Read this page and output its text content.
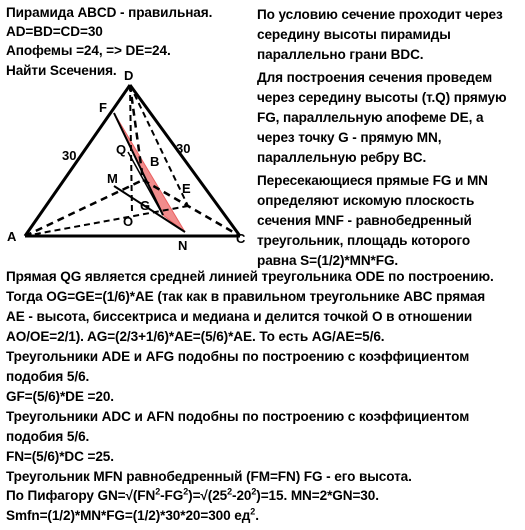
Пирамида ABCD - правильная.
AD=BD=CD=30
Апофемы =24, => DE=24.
Найти Sсечения. D
F
Q
B
M
G
E
O
A
N	C
30	30
По условию сечение проходит через
середину высоты пирамиды
параллельно грани BDC.
Для построения сечения проведем
через середину высоты (т.Q) прямую
FG, параллельную апофеме DE, а
через точку G - прямую MN,
параллельную ребру BC.
Пересекающиеся прямые FG и MN
определяют искомую плоскость
сечения MNF - равнобедренный
треугольник, площадь которого
равна S=(1/2)*MN*FG.
Прямая QG является средней линией треугольника ODE по построению.
Тогда OG=GE=(1/6)*AE (так как в правильном треугольнике ABC прямая
AE - высота, биссектриса и медиана и делится точкой O в отношении
AO/OE=2/1). AG=(2/3+1/6)*AE=(5/6)*AE. То есть AG/AE=5/6.
Треугольники ADE и AFG подобны по построению с коэффициентом
подобия 5/6.
GF=(5/6)*DE =20.
Треугольники ADC и AFN подобны по построению с коэффициентом
подобия 5/6.
FN=(5/6)*DC =25.
Треугольник MFN равнобедренный (FM=FN) FG - его высота.
По Пифагору $GN=√(FN^2-FG^2)=√(25^2-20^2)=15$. MN=2*GN=30.
Smfn=(1/2)*MN*FG=(1/2)*30*20=300 $ед^2$.
